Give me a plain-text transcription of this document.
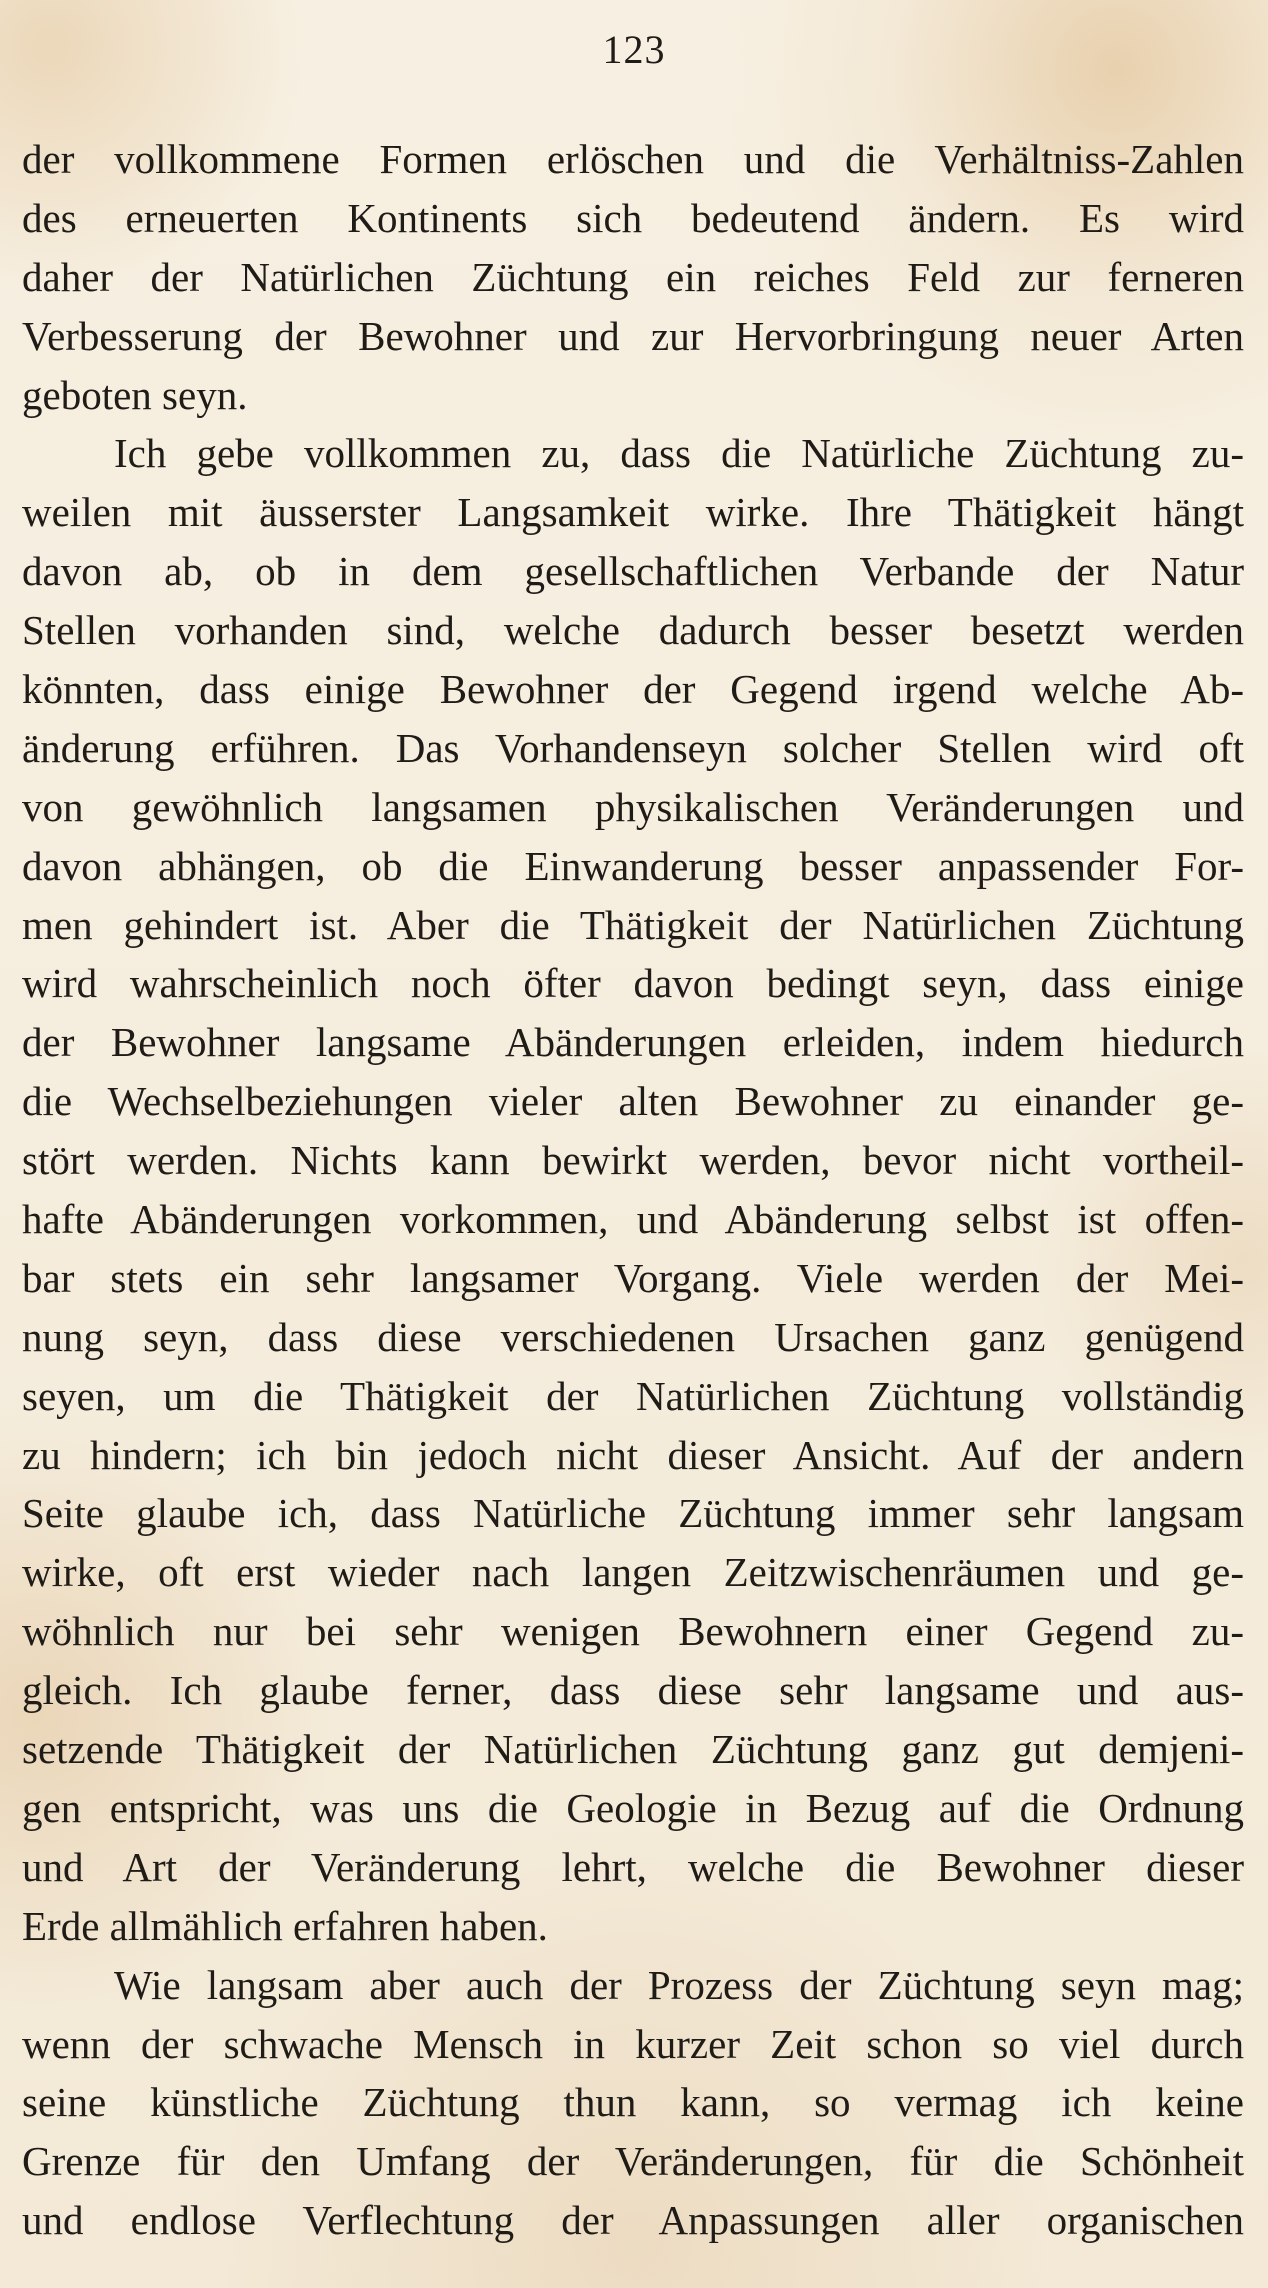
123
der vollkommene Formen erlöschen und die Verhältniss-Zahlen
des erneuerten Kontinents sich bedeutend ändern. Es wird
daher der Natürlichen Züchtung ein reiches Feld zur ferneren
Verbesserung der Bewohner und zur Hervorbringung neuer Arten
geboten seyn.
Ich gebe vollkommen zu, dass die Natürliche Züchtung zu-
weilen mit äusserster Langsamkeit wirke. Ihre Thätigkeit hängt
davon ab, ob in dem gesellschaftlichen Verbande der Natur
Stellen vorhanden sind, welche dadurch besser besetzt werden
könnten, dass einige Bewohner der Gegend irgend welche Ab-
änderung erführen. Das Vorhandenseyn solcher Stellen wird oft
von gewöhnlich langsamen physikalischen Veränderungen und
davon abhängen, ob die Einwanderung besser anpassender For-
men gehindert ist. Aber die Thätigkeit der Natürlichen Züchtung
wird wahrscheinlich noch öfter davon bedingt seyn, dass einige
der Bewohner langsame Abänderungen erleiden, indem hiedurch
die Wechselbeziehungen vieler alten Bewohner zu einander ge-
stört werden. Nichts kann bewirkt werden, bevor nicht vortheil-
hafte Abänderungen vorkommen, und Abänderung selbst ist offen-
bar stets ein sehr langsamer Vorgang. Viele werden der Mei-
nung seyn, dass diese verschiedenen Ursachen ganz genügend
seyen, um die Thätigkeit der Natürlichen Züchtung vollständig
zu hindern; ich bin jedoch nicht dieser Ansicht. Auf der andern
Seite glaube ich, dass Natürliche Züchtung immer sehr langsam
wirke, oft erst wieder nach langen Zeitzwischenräumen und ge-
wöhnlich nur bei sehr wenigen Bewohnern einer Gegend zu-
gleich. Ich glaube ferner, dass diese sehr langsame und aus-
setzende Thätigkeit der Natürlichen Züchtung ganz gut demjeni-
gen entspricht, was uns die Geologie in Bezug auf die Ordnung
und Art der Veränderung lehrt, welche die Bewohner dieser
Erde allmählich erfahren haben.
Wie langsam aber auch der Prozess der Züchtung seyn mag;
wenn der schwache Mensch in kurzer Zeit schon so viel durch
seine künstliche Züchtung thun kann, so vermag ich keine
Grenze für den Umfang der Veränderungen, für die Schönheit
und endlose Verflechtung der Anpassungen aller organischen
